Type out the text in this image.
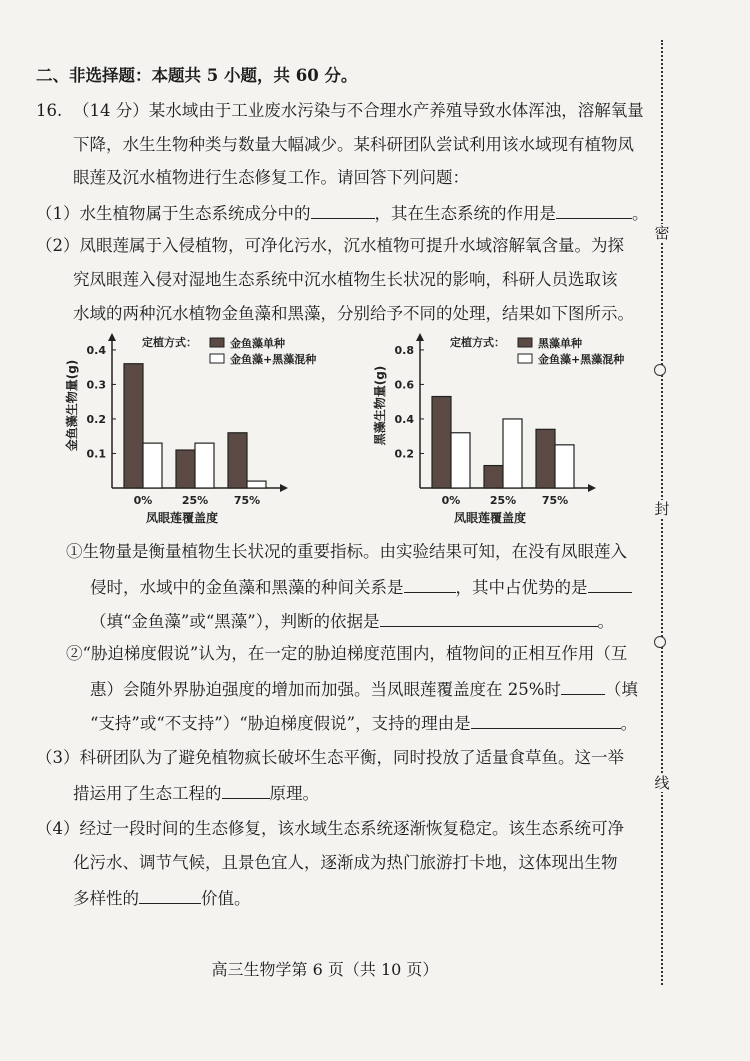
二、非选择题：本题共 5 小题，共 60 分。
16. （14 分）某水域由于工业废水污染与不合理水产养殖导致水体浑浊，溶解氧量
下降，水生生物种类与数量大幅减少。某科研团队尝试利用该水域现有植物凤
眼莲及沉水植物进行生态修复工作。请回答下列问题：
（1）水生植物属于生态系统成分中的	，其在生态系统的作用是	。
（2）凤眼莲属于入侵植物，可净化污水，沉水植物可提升水域溶解氧含量。为探
究凤眼莲入侵对湿地生态系统中沉水植物生长状况的影响，科研人员选取该
水域的两种沉水植物金鱼藻和黑藻，分别给予不同的处理，结果如下图所示。
0.1
0.2
0.3
0.4
金鱼藻生物量(g)
0%	25% 75%
凤眼莲覆盖度
定植方式：	金鱼藻单种
金鱼藻+黑藻混种
0.2
0.4
0.6
0.8
黑藻生物量(g)
0%	25% 75%
凤眼莲覆盖度
定植方式：	黑藻单种
金鱼藻+黑藻混种
①生物量是衡量植物生长状况的重要指标。由实验结果可知，在没有凤眼莲入
侵时，水域中的金鱼藻和黑藻的种间关系是	，其中占优势的是
（填“金鱼藻”或“黑藻”），判断的依据是	。
②“胁迫梯度假说”认为，在一定的胁迫梯度范围内，植物间的正相互作用（互
惠）会随外界胁迫强度的增加而加强。当凤眼莲覆盖度在 25%时	（填
“支持”或“不支持”）“胁迫梯度假说”，支持的理由是	。
（3）科研团队为了避免植物疯长破坏生态平衡，同时投放了适量食草鱼。这一举
措运用了生态工程的	原理。
（4）经过一段时间的生态修复，该水域生态系统逐渐恢复稳定。该生态系统可净
化污水、调节气候，且景色宜人，逐渐成为热门旅游打卡地，这体现出生物
多样性的	价值。
高三生物学第 6 页（共 10 页）
密
封
线
